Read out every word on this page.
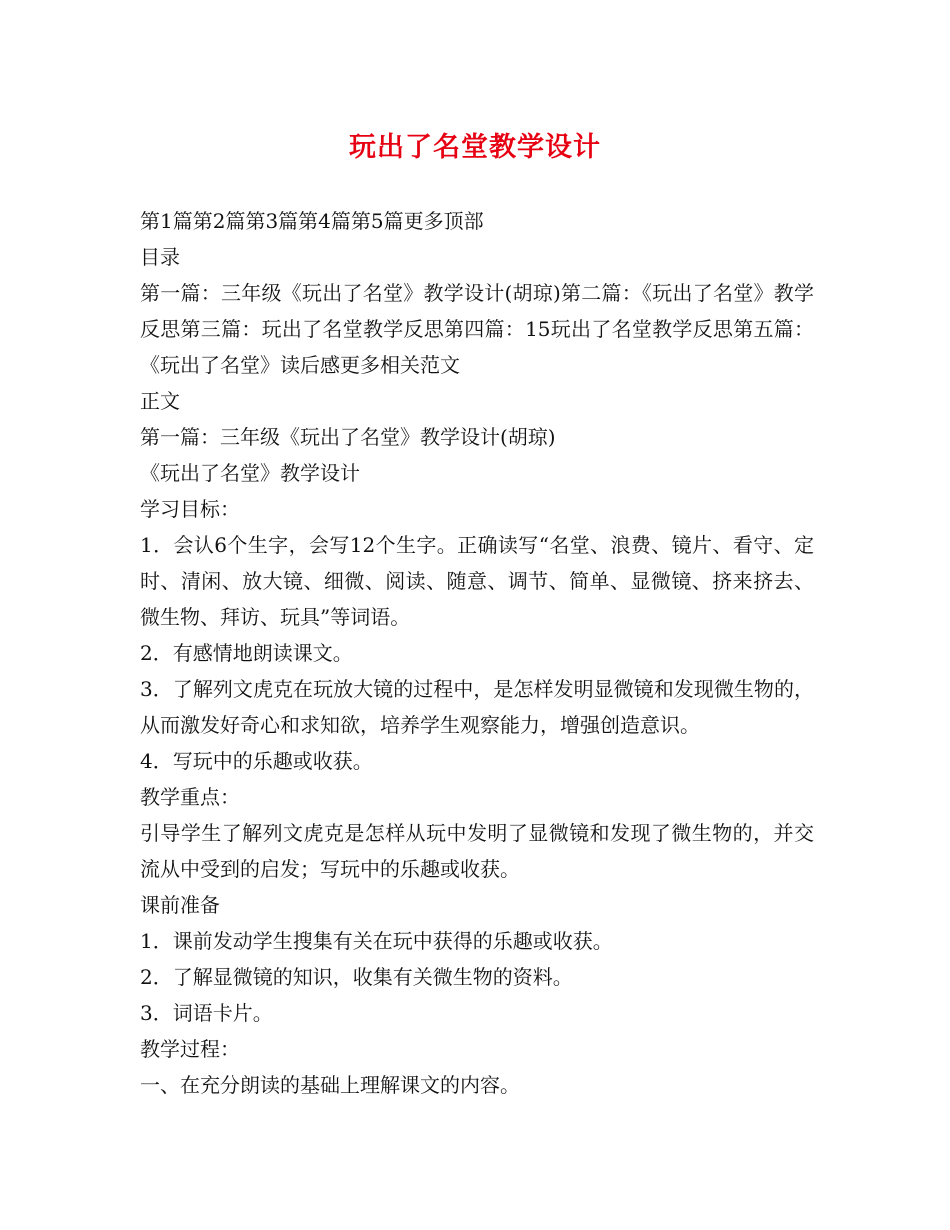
玩出了名堂教学设计

第1篇第2篇第3篇第4篇第5篇更多顶部

目录

第一篇：三年级《玩出了名堂》教学设计(胡琼)第二篇：《玩出了名堂》教学反思第三篇：玩出了名堂教学反思第四篇：15玩出了名堂教学反思第五篇：《玩出了名堂》读后感更多相关范文

正文

第一篇：三年级《玩出了名堂》教学设计(胡琼)

《玩出了名堂》教学设计

学习目标：

1．会认6个生字，会写12个生字。正确读写“名堂、浪费、镜片、看守、定时、清闲、放大镜、细微、阅读、随意、调节、简单、显微镜、挤来挤去、微生物、拜访、玩具”等词语。

2．有感情地朗读课文。

3．了解列文虎克在玩放大镜的过程中，是怎样发明显微镜和发现微生物的，从而激发好奇心和求知欲，培养学生观察能力，增强创造意识。

4．写玩中的乐趣或收获。

教学重点：

引导学生了解列文虎克是怎样从玩中发明了显微镜和发现了微生物的，并交流从中受到的启发；写玩中的乐趣或收获。

课前准备

1．课前发动学生搜集有关在玩中获得的乐趣或收获。

2．了解显微镜的知识，收集有关微生物的资料。

3．词语卡片。

教学过程：

一、在充分朗读的基础上理解课文的内容。
